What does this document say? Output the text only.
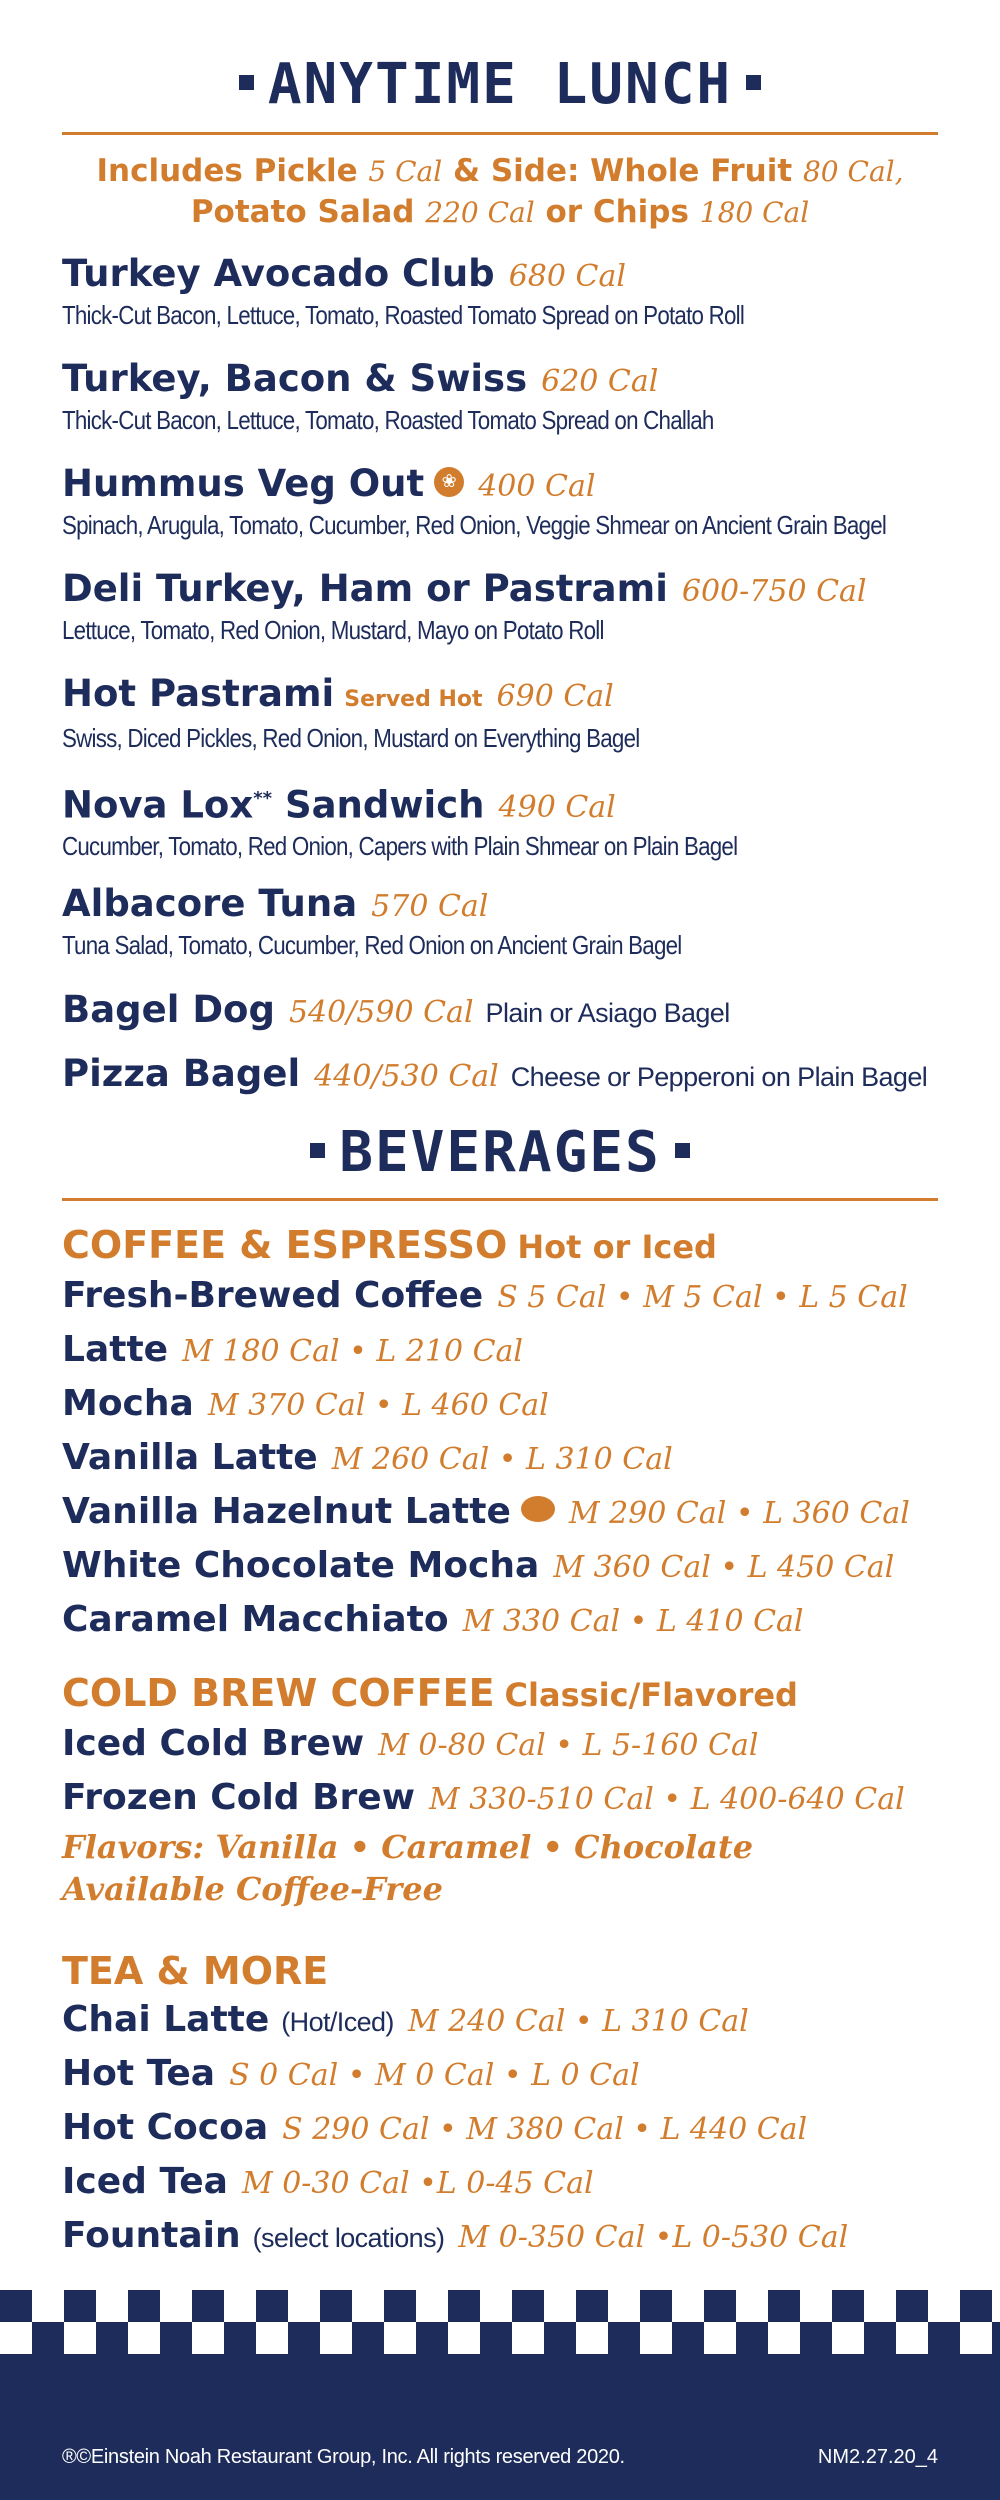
ANYTIME LUNCH
Includes Pickle 5 Cal & Side: Whole Fruit 80 Cal,
Potato Salad 220 Cal or Chips 180 Cal
Turkey Avocado Club 680 Cal
Thick-Cut Bacon, Lettuce, Tomato, Roasted Tomato Spread on Potato Roll
Turkey, Bacon & Swiss 620 Cal
Thick-Cut Bacon, Lettuce, Tomato, Roasted Tomato Spread on Challah
Hummus Veg Out ❀ 400 Cal
Spinach, Arugula, Tomato, Cucumber, Red Onion, Veggie Shmear on Ancient Grain Bagel
Deli Turkey, Ham or Pastrami 600-750 Cal
Lettuce, Tomato, Red Onion, Mustard, Mayo on Potato Roll
Hot Pastrami Served Hot 690 Cal
Swiss, Diced Pickles, Red Onion, Mustard on Everything Bagel
Nova Lox** Sandwich 490 Cal
Cucumber, Tomato, Red Onion, Capers with Plain Shmear on Plain Bagel
Albacore Tuna 570 Cal
Tuna Salad, Tomato, Cucumber, Red Onion on Ancient Grain Bagel
Bagel Dog 540/590 Cal Plain or Asiago Bagel
Pizza Bagel 440/530 Cal Cheese or Pepperoni on Plain Bagel
BEVERAGES
COFFEE & ESPRESSO Hot or Iced
Fresh-Brewed Coffee S 5 Cal • M 5 Cal • L 5 Cal
Latte M 180 Cal • L 210 Cal
Mocha M 370 Cal • L 460 Cal
Vanilla Latte M 260 Cal • L 310 Cal
Vanilla Hazelnut Latte M 290 Cal • L 360 Cal
White Chocolate Mocha M 360 Cal • L 450 Cal
Caramel Macchiato M 330 Cal • L 410 Cal
COLD BREW COFFEE Classic/Flavored
Iced Cold Brew M 0-80 Cal • L 5-160 Cal
Frozen Cold Brew M 330-510 Cal • L 400-640 Cal
Flavors: Vanilla • Caramel • Chocolate
Available Coffee-Free
TEA & MORE
Chai Latte (Hot/Iced) M 240 Cal • L 310 Cal
Hot Tea S 0 Cal • M 0 Cal • L 0 Cal
Hot Cocoa S 290 Cal • M 380 Cal • L 440 Cal
Iced Tea M 0-30 Cal •L 0-45 Cal
Fountain (select locations) M 0-350 Cal •L 0-530 Cal
®©Einstein Noah Restaurant Group, Inc. All rights reserved 2020.	NM2.27.20_4
